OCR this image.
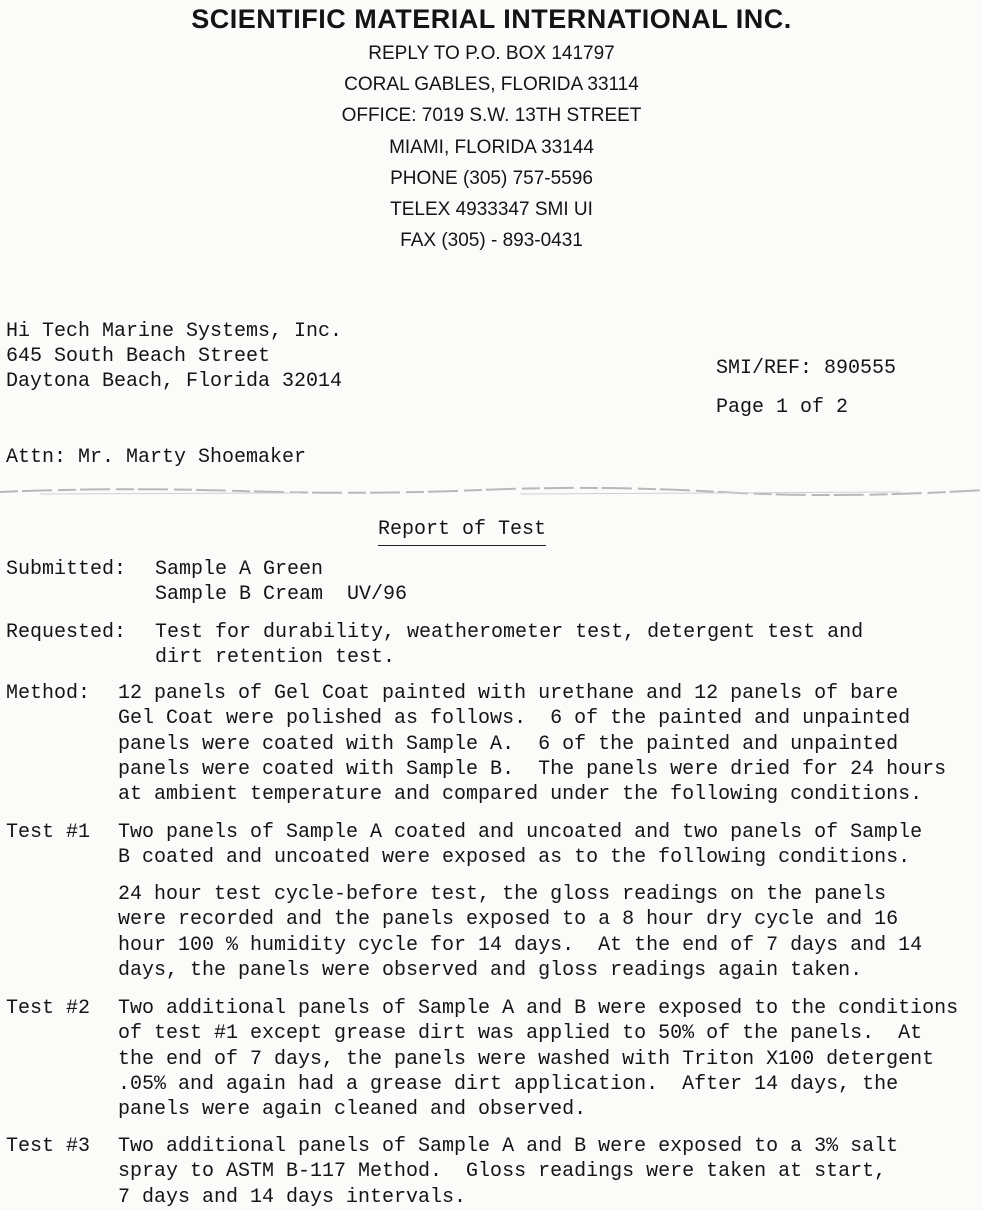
SCIENTIFIC MATERIAL INTERNATIONAL INC.
REPLY TO P.O. BOX 141797
CORAL GABLES, FLORIDA 33114
OFFICE: 7019 S.W. 13TH STREET
MIAMI, FLORIDA 33144
PHONE (305) 757-5596
TELEX 4933347 SMI UI
FAX (305) - 893-0431
Hi Tech Marine Systems, Inc.
645 South Beach Street
Daytona Beach, Florida 32014
SMI/REF: 890555
Page 1 of 2
Attn: Mr. Marty Shoemaker
Report of Test
Submitted: Sample A Green
Sample B Cream  UV/96
Requested: Test for durability, weatherometer test, detergent test and
dirt retention test.
Method: 12 panels of Gel Coat painted with urethane and 12 panels of bare
Gel Coat were polished as follows.  6 of the painted and unpainted
panels were coated with Sample A.  6 of the painted and unpainted
panels were coated with Sample B.  The panels were dried for 24 hours
at ambient temperature and compared under the following conditions.
Test #1 Two panels of Sample A coated and uncoated and two panels of Sample
B coated and uncoated were exposed as to the following conditions.
24 hour test cycle-before test, the gloss readings on the panels
were recorded and the panels exposed to a 8 hour dry cycle and 16
hour 100 % humidity cycle for 14 days.  At the end of 7 days and 14
days, the panels were observed and gloss readings again taken.
Test #2 Two additional panels of Sample A and B were exposed to the conditions
of test #1 except grease dirt was applied to 50% of the panels.  At
the end of 7 days, the panels were washed with Triton X100 detergent
.05% and again had a grease dirt application.  After 14 days, the
panels were again cleaned and observed.
Test #3 Two additional panels of Sample A and B were exposed to a 3% salt
spray to ASTM B-117 Method.  Gloss readings were taken at start,
7 days and 14 days intervals.
